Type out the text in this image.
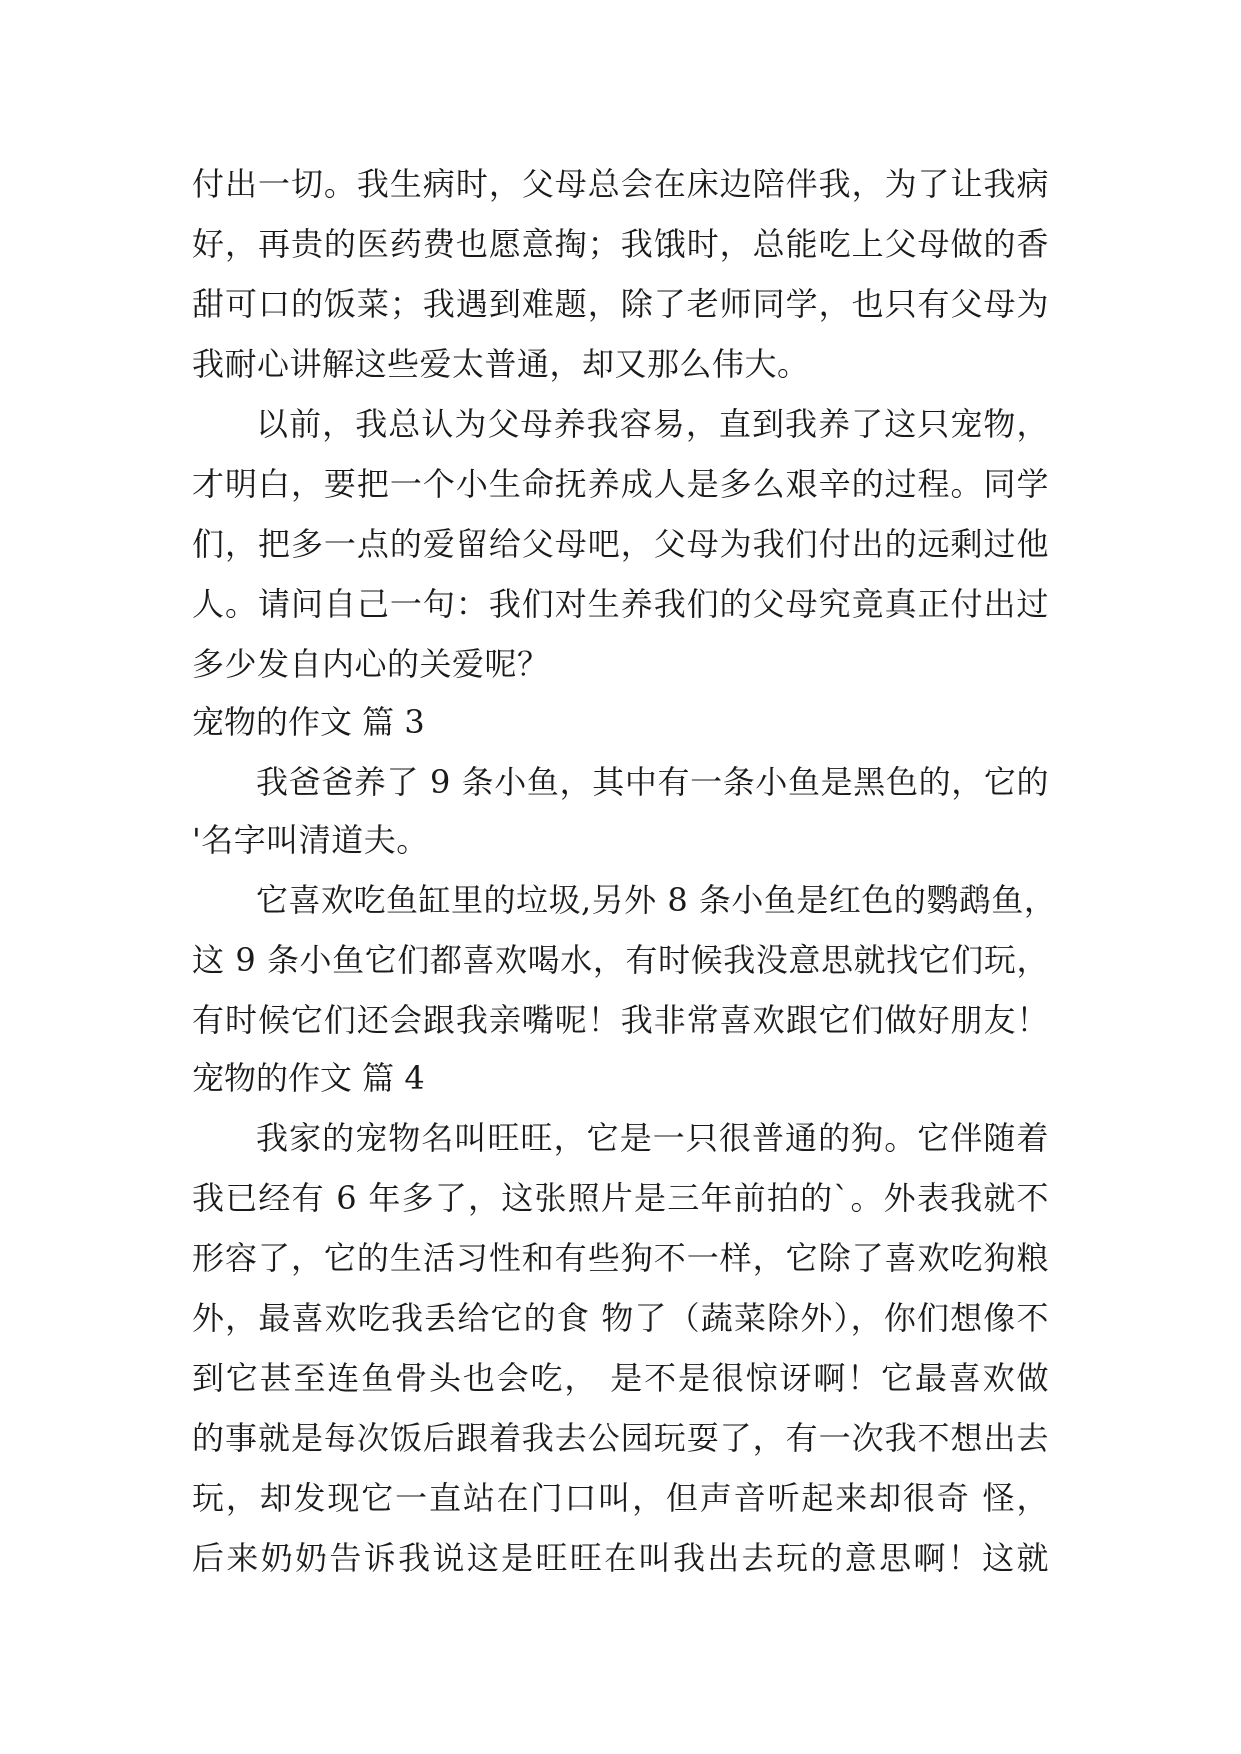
付出一切。我生病时，父母总会在床边陪伴我，为了让我病
好，再贵的医药费也愿意掏；我饿时，总能吃上父母做的香
甜可口的饭菜；我遇到难题，除了老师同学，也只有父母为
我耐心讲解这些爱太普通，却又那么伟大。
以前，我总认为父母养我容易，直到我养了这只宠物，
才明白，要把一个小生命抚养成人是多么艰辛的过程。同学
们，把多一点的爱留给父母吧，父母为我们付出的远剩过他
人。请问自己一句：我们对生养我们的父母究竟真正付出过
多少发自内心的关爱呢？
宠物的作文 篇 3
我爸爸养了 9 条小鱼，其中有一条小鱼是黑色的，它的
'名字叫清道夫。
它喜欢吃鱼缸里的垃圾,另外 8 条小鱼是红色的鹦鹉鱼，
这 9 条小鱼它们都喜欢喝水，有时候我没意思就找它们玩，
有时候它们还会跟我亲嘴呢！我非常喜欢跟它们做好朋友！
宠物的作文 篇 4
我家的宠物名叫旺旺，它是一只很普通的狗。它伴随着
我已经有 6 年多了，这张照片是三年前拍的`。外表我就不
形容了，它的生活习性和有些狗不一样，它除了喜欢吃狗粮
外，最喜欢吃我丢给它的食 物了（蔬菜除外），你们想像不
到它甚至连鱼骨头也会吃， 是不是很惊讶啊！它最喜欢做
的事就是每次饭后跟着我去公园玩耍了，有一次我不想出去
玩，却发现它一直站在门口叫，但声音听起来却很奇 怪，
后来奶奶告诉我说这是旺旺在叫我出去玩的意思啊！这就
